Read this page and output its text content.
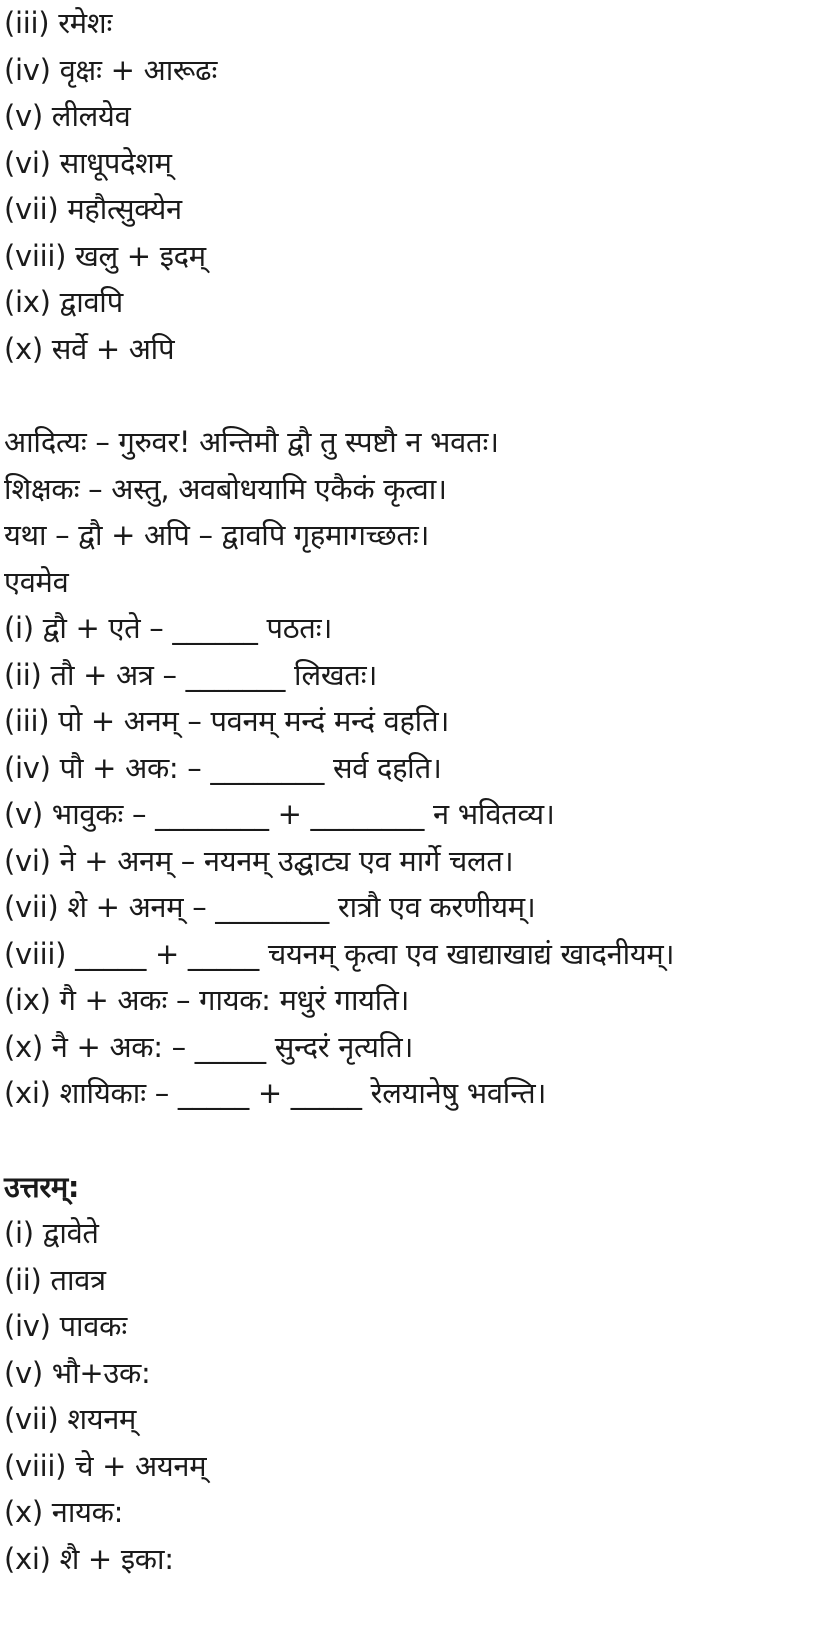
(iii) रमेशः
(iv) वृक्षः + आरूढः
(v) लीलयेव
(vi) साधूपदेशम्
(vii) महौत्सुक्येन
(viii) खलु + इदम्
(ix) द्वावपि
(x) सर्वे + अपि
आदित्यः – गुरुवर! अन्तिमौ द्वौ तु स्पष्टौ न भवतः।
शिक्षकः – अस्तु, अवबोधयामि एकैकं कृत्वा।
यथा – द्वौ + अपि – द्वावपि गृहमागच्छतः।
एवमेव
(i) द्वौ + एते – ______ पठतः।
(ii) तौ + अत्र – _______ लिखतः।
(iii) पो + अनम् – पवनम् मन्दं मन्दं वहति।
(iv) पौ + अक: – ________ सर्व दहति।
(v) भावुकः – ________ + ________ न भवितव्य।
(vi) ने + अनम् – नयनम् उद्घाट्य एव मार्गे चलत।
(vii) शे + अनम् – ________ रात्रौ एव करणीयम्।
(viii) _____ + _____ चयनम् कृत्वा एव खाद्याखाद्यं खादनीयम्।
(ix) गै + अकः – गायक: मधुरं गायति।
(x) नै + अक: – _____ सुन्दरं नृत्यति।
(xi) शायिकाः – _____ + _____ रेलयानेषु भवन्ति।
उत्तरम्:
(i) द्वावेते
(ii) तावत्र
(iv) पावकः
(v) भौ+उक:
(vii) शयनम्
(viii) चे + अयनम्
(x) नायक:
(xi) शै + इका:
